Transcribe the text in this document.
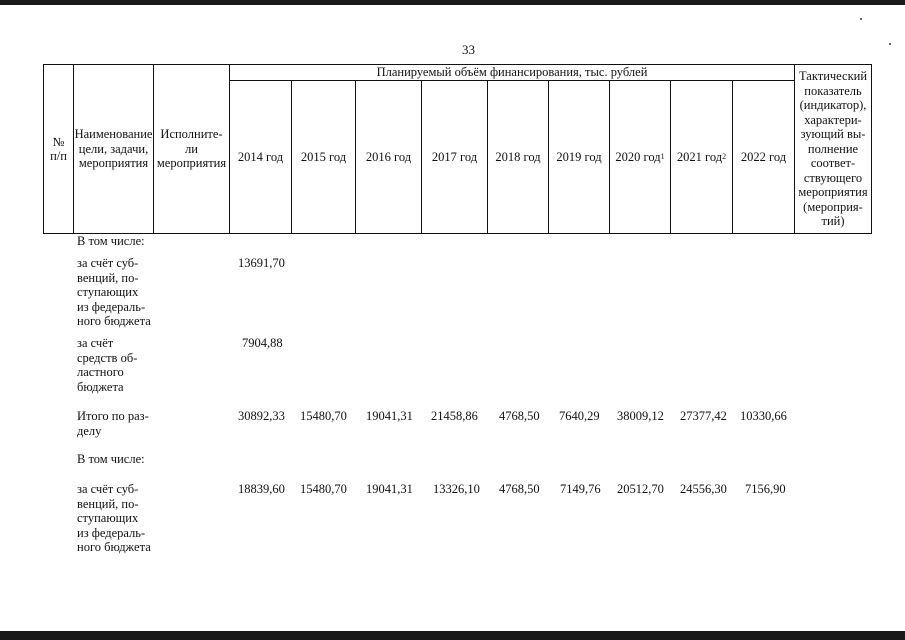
33
№
п/п
Наименование
цели, задачи,
мероприятия
Исполните-
ли
мероприятия
Планируемый объём финансирования, тыс. рублей
2014 год 2015 год 2016 год 2017 год 2018 год 2019 год 2020 год 1 2021 год 2 2022 год
Тактический
показатель
(индикатор),
характери-
зующий вы-
полнение
соответ-
ствующего
мероприятия
(мероприя-
тий)
В том числе:
за счёт суб-
венций, по-
ступающих
из федераль-
ного бюджета
13691,70
за счёт
средств об-
ластного
бюджета
7904,88
Итого по раз-
делу
30892,33 15480,70 19041,31 21458,86 4768,50 7640,29 38009,12 27377,42 10330,66
В том числе:
за счёт суб-
венций, по-
ступающих
из федераль-
ного бюджета
18839,60 15480,70 19041,31 13326,10 4768,50 7149,76 20512,70 24556,30 7156,90
